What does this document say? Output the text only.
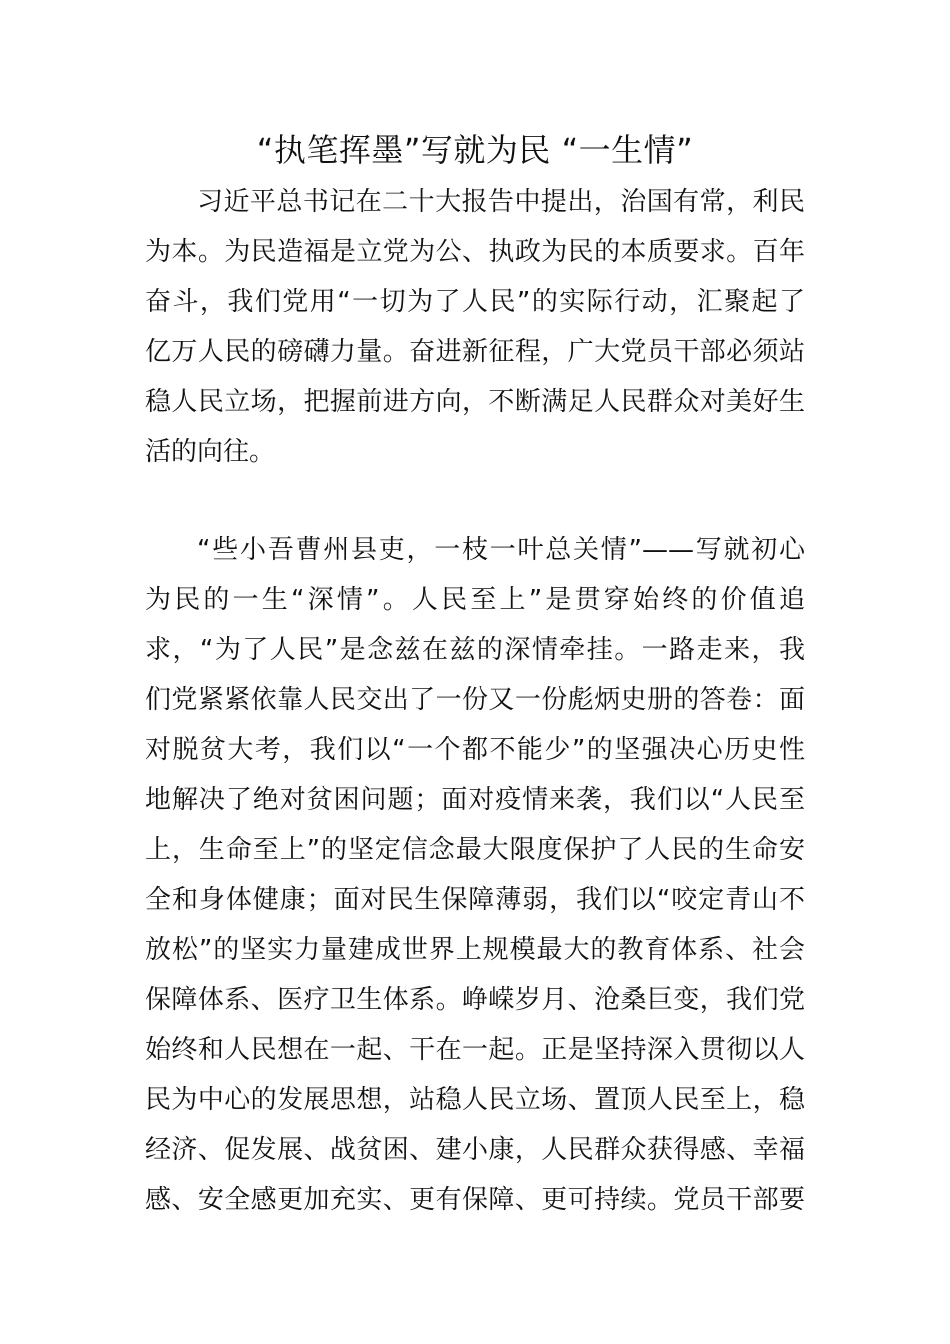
“执笔挥墨”写就为民 “一生情”
习近平总书记在二十大报告中提出，治国有常，利民
为本。为民造福是立党为公、执政为民的本质要求。百年
奋斗，我们党用“一切为了人民”的实际行动，汇聚起了
亿万人民的磅礴力量。奋进新征程，广大党员干部必须站
稳人民立场，把握前进方向，不断满足人民群众对美好生
活的向往。
“些小吾曹州县吏，一枝一叶总关情”——写就初心
为民的一生“深情”。人民至上”是贯穿始终的价值追
求，“为了人民”是念兹在兹的深情牵挂。一路走来，我
们党紧紧依靠人民交出了一份又一份彪炳史册的答卷：面
对脱贫大考，我们以“一个都不能少”的坚强决心历史性
地解决了绝对贫困问题；面对疫情来袭，我们以“人民至
上，生命至上”的坚定信念最大限度保护了人民的生命安
全和身体健康；面对民生保障薄弱，我们以“咬定青山不
放松”的坚实力量建成世界上规模最大的教育体系、社会
保障体系、医疗卫生体系。峥嵘岁月、沧桑巨变，我们党
始终和人民想在一起、干在一起。正是坚持深入贯彻以人
民为中心的发展思想，站稳人民立场、置顶人民至上，稳
经济、促发展、战贫困、建小康，人民群众获得感、幸福
感、安全感更加充实、更有保障、更可持续。党员干部要
